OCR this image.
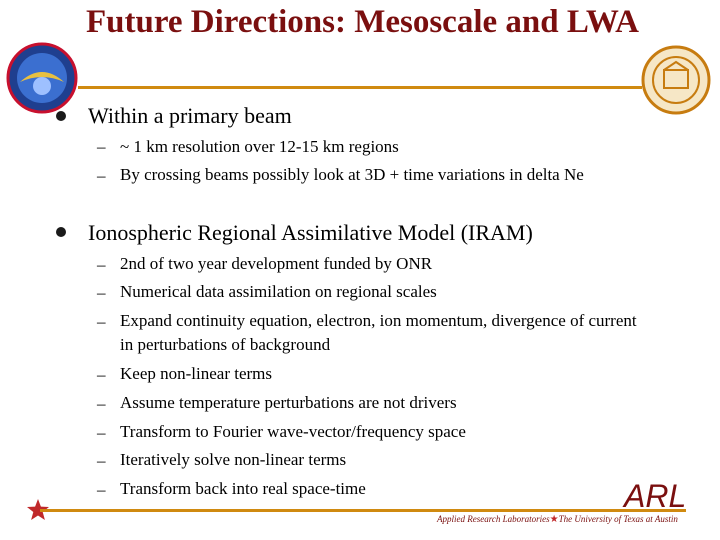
Future Directions: Mesoscale and LWA
Within a primary beam
– ~ 1 km resolution over 12-15 km regions
– By crossing beams possibly look at 3D + time variations in delta Ne
Ionospheric Regional Assimilative Model (IRAM)
– 2nd of two year development funded by ONR
– Numerical data assimilation on regional scales
– Expand continuity equation, electron, ion momentum, divergence of current in perturbations of background
– Keep non-linear terms
– Assume temperature perturbations are not drivers
– Transform to Fourier wave-vector/frequency space
– Iteratively solve non-linear terms
– Transform back into real space-time	ARL
Applied Research Laboratories★The University of Texas at Austin
